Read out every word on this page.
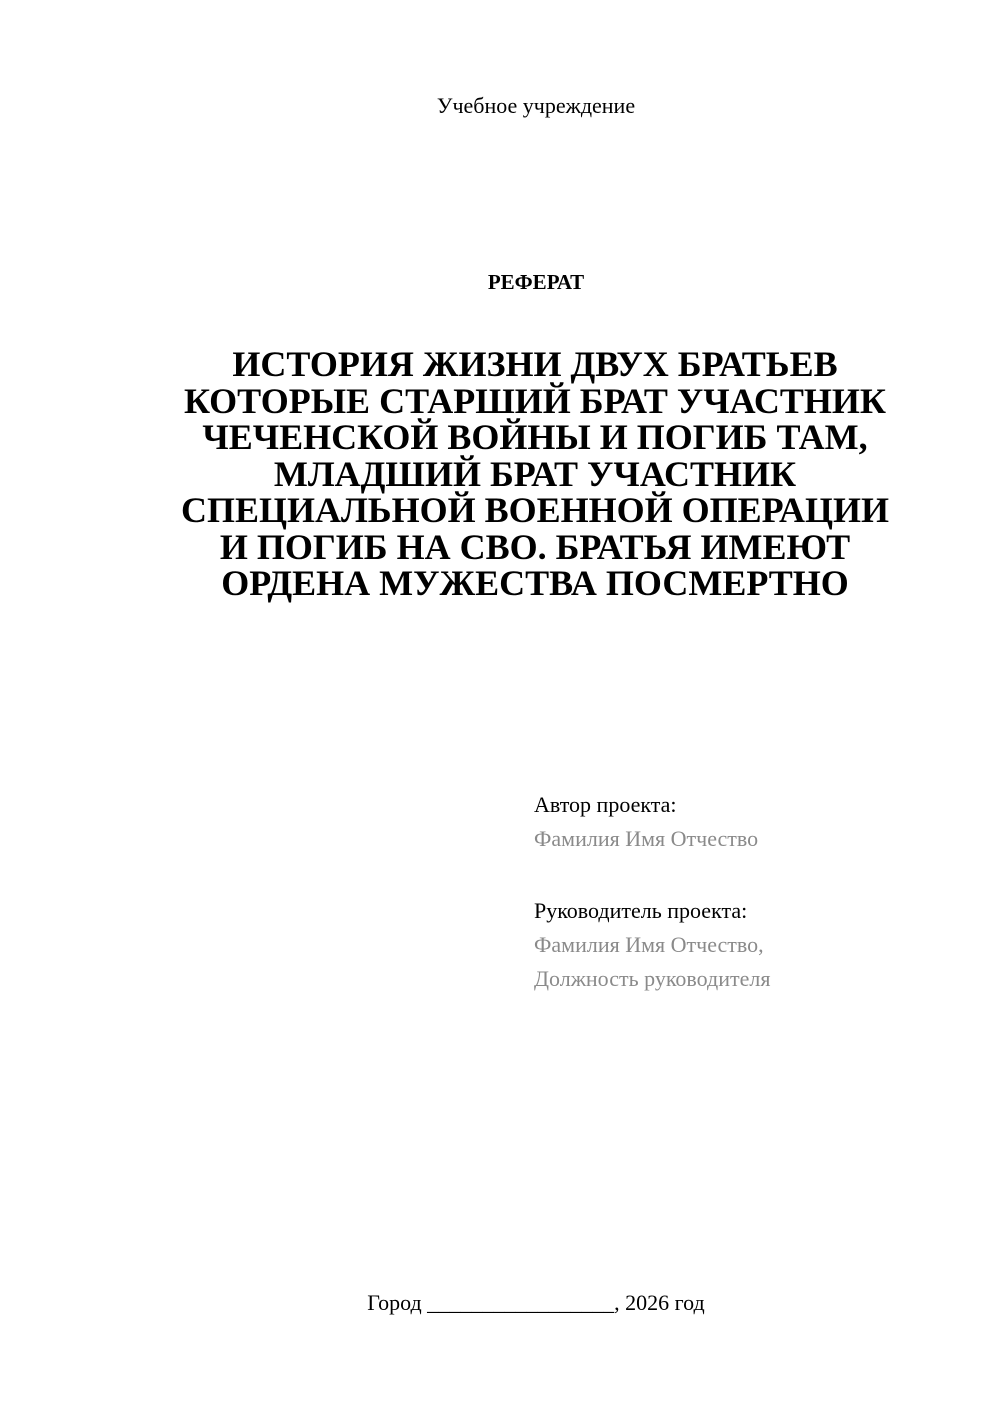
Учебное учреждение
РЕФЕРАТ
ИСТОРИЯ ЖИЗНИ ДВУХ БРАТЬЕВ
КОТОРЫЕ СТАРШИЙ БРАТ УЧАСТНИК
ЧЕЧЕНСКОЙ ВОЙНЫ И ПОГИБ ТАМ,
МЛАДШИЙ БРАТ УЧАСТНИК
СПЕЦИАЛЬНОЙ ВОЕННОЙ ОПЕРАЦИИ
И ПОГИБ НА СВО. БРАТЬЯ ИМЕЮТ
ОРДЕНА МУЖЕСТВА ПОСМЕРТНО
Автор проекта:
Фамилия Имя Отчество
Руководитель проекта:
Фамилия Имя Отчество,
Должность руководителя
Город _________________, 2026 год
